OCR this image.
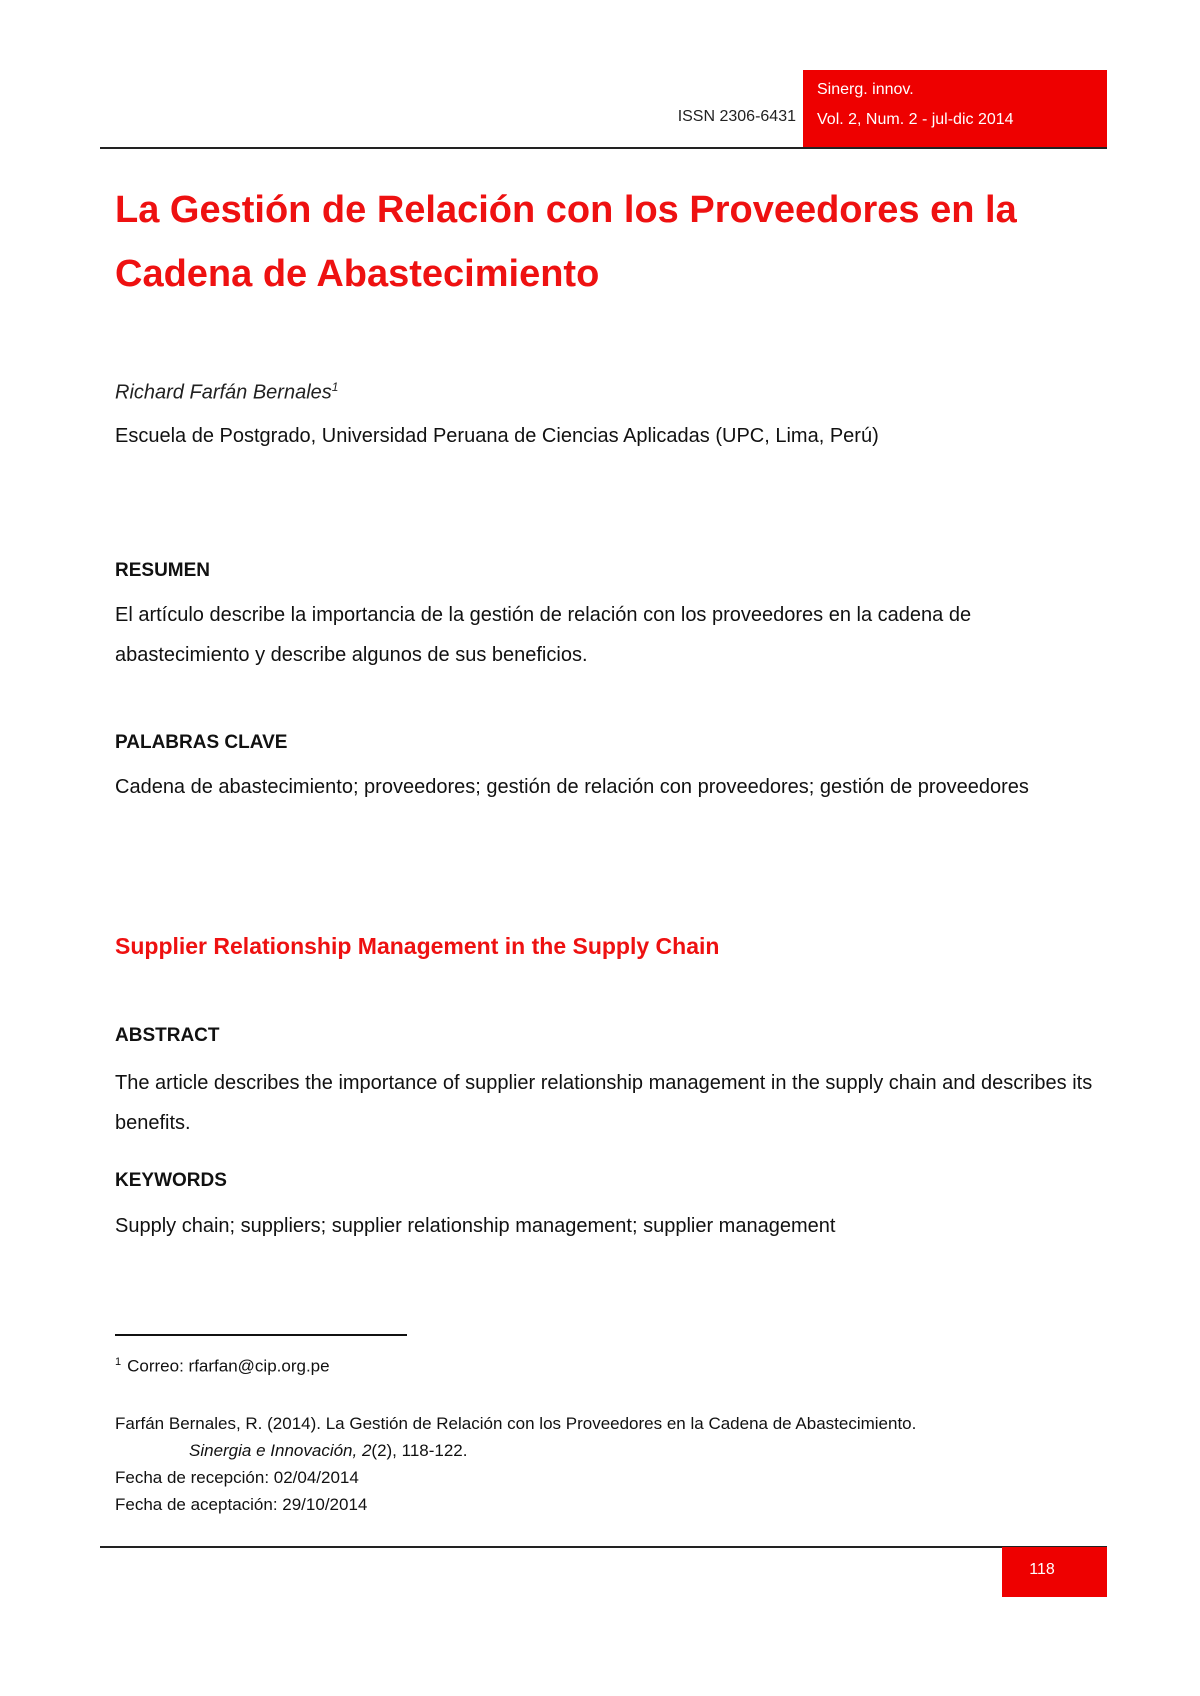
Sinerg. innov.
Vol. 2, Num. 2 - jul-dic 2014
ISSN 2306-6431
La Gestión de Relación con los Proveedores en la Cadena de Abastecimiento
Richard Farfán Bernales$^1$
Escuela de Postgrado, Universidad Peruana de Ciencias Aplicadas (UPC, Lima, Perú)
RESUMEN
El artículo describe la importancia de la gestión de relación con los proveedores en la cadena de abastecimiento y describe algunos de sus beneficios.
PALABRAS CLAVE
Cadena de abastecimiento; proveedores; gestión de relación con proveedores; gestión de proveedores
Supplier Relationship Management in the Supply Chain
ABSTRACT
The article describes the importance of supplier relationship management in the supply chain and describes its benefits.
KEYWORDS
Supply chain; suppliers; supplier relationship management; supplier management
$^1$ Correo: rfarfan@cip.org.pe
Farfán Bernales, R. (2014). La Gestión de Relación con los Proveedores en la Cadena de Abastecimiento.
Sinergia e Innovación, 2(2), 118-122.
Fecha de recepción: 02/04/2014
Fecha de aceptación: 29/10/2014
118
